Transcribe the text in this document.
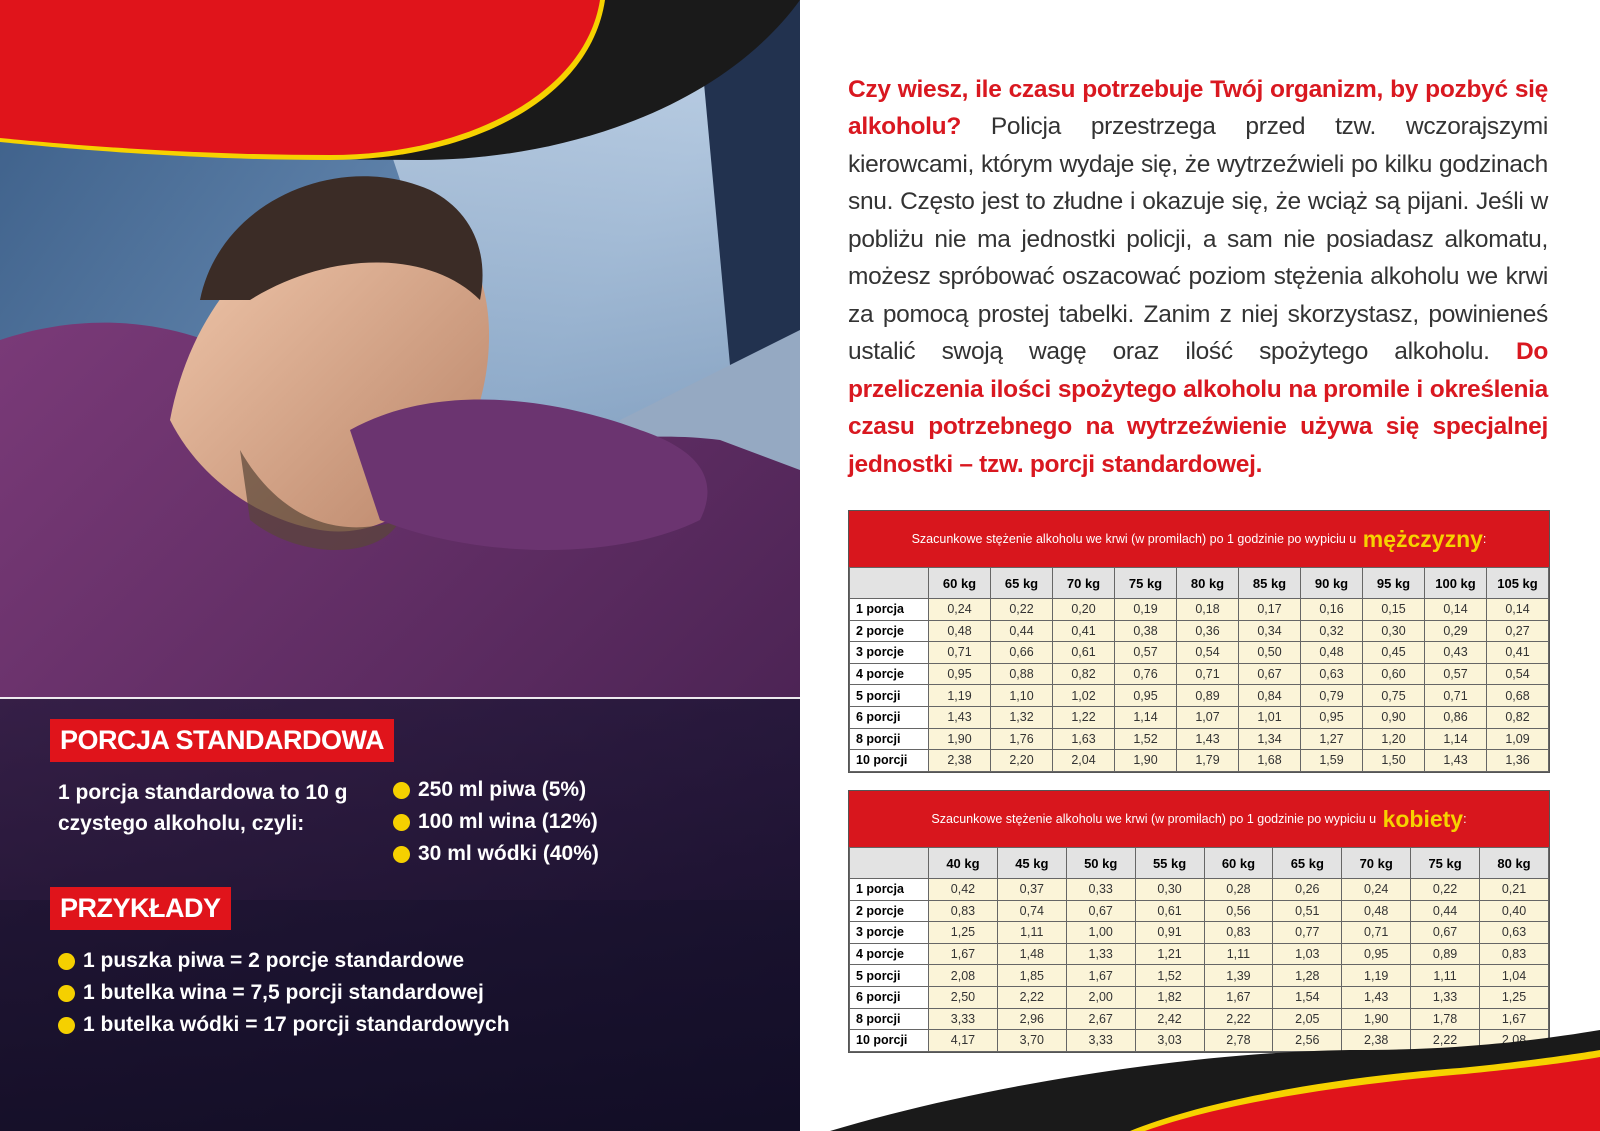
PORCJA STANDARDOWA
1 porcja standardowa to 10 g czystego alkoholu, czyli:
250 ml piwa (5%)
100 ml wina (12%)
30 ml wódki (40%)
PRZYKŁADY
1 puszka piwa = 2 porcje standardowe
1 butelka wina = 7,5 porcji standardowej
1 butelka wódki = 17 porcji standardowych

Czy wiesz, ile czasu potrzebuje Twój organizm, by pozbyć się alkoholu? Policja przestrzega przed tzw. wczorajszymi kierowcami, którym wydaje się, że wytrzeźwieli po kilku godzinach snu. Często jest to złudne i okazuje się, że wciąż są pijani. Jeśli w pobliżu nie ma jednostki policji, a sam nie posiadasz alkomatu, możesz spróbować oszacować poziom stężenia alkoholu we krwi za pomocą prostej tabelki. Zanim z niej skorzystasz, powinieneś ustalić swoją wagę oraz ilość spożytego alkoholu. Do przeliczenia ilości spożytego alkoholu na promile i określenia czasu potrzebnego na wytrzeźwienie używa się specjalnej jednostki – tzw. porcji standardowej.

Szacunkowe stężenie alkoholu we krwi (w promilach) po 1 godzinie po wypiciu u
mężczyzny :
	60 kg	65 kg	70 kg	75 kg	80 kg	85 kg	90 kg	95 kg	100 kg	105 kg
1 porcja	0,24	0,22	0,20	0,19	0,18	0,17	0,16	0,15	0,14	0,14
2 porcje	0,48	0,44	0,41	0,38	0,36	0,34	0,32	0,30	0,29	0,27
3 porcje	0,71	0,66	0,61	0,57	0,54	0,50	0,48	0,45	0,43	0,41
4 porcje	0,95	0,88	0,82	0,76	0,71	0,67	0,63	0,60	0,57	0,54
5 porcji	1,19	1,10	1,02	0,95	0,89	0,84	0,79	0,75	0,71	0,68
6 porcji	1,43	1,32	1,22	1,14	1,07	1,01	0,95	0,90	0,86	0,82
8 porcji	1,90	1,76	1,63	1,52	1,43	1,34	1,27	1,20	1,14	1,09
10 porcji	2,38	2,20	2,04	1,90	1,79	1,68	1,59	1,50	1,43	1,36
Szacunkowe stężenie alkoholu we krwi (w promilach) po 1 godzinie po wypiciu u
kobiety :
	40 kg	45 kg	50 kg	55 kg	60 kg	65 kg	70 kg	75 kg	80 kg
1 porcja	0,42	0,37	0,33	0,30	0,28	0,26	0,24	0,22	0,21
2 porcje	0,83	0,74	0,67	0,61	0,56	0,51	0,48	0,44	0,40
3 porcje	1,25	1,11	1,00	0,91	0,83	0,77	0,71	0,67	0,63
4 porcje	1,67	1,48	1,33	1,21	1,11	1,03	0,95	0,89	0,83
5 porcji	2,08	1,85	1,67	1,52	1,39	1,28	1,19	1,11	1,04
6 porcji	2,50	2,22	2,00	1,82	1,67	1,54	1,43	1,33	1,25
8 porcji	3,33	2,96	2,67	2,42	2,22	2,05	1,90	1,78	1,67
10 porcji	4,17	3,70	3,33	3,03	2,78	2,56	2,38	2,22	2,08
